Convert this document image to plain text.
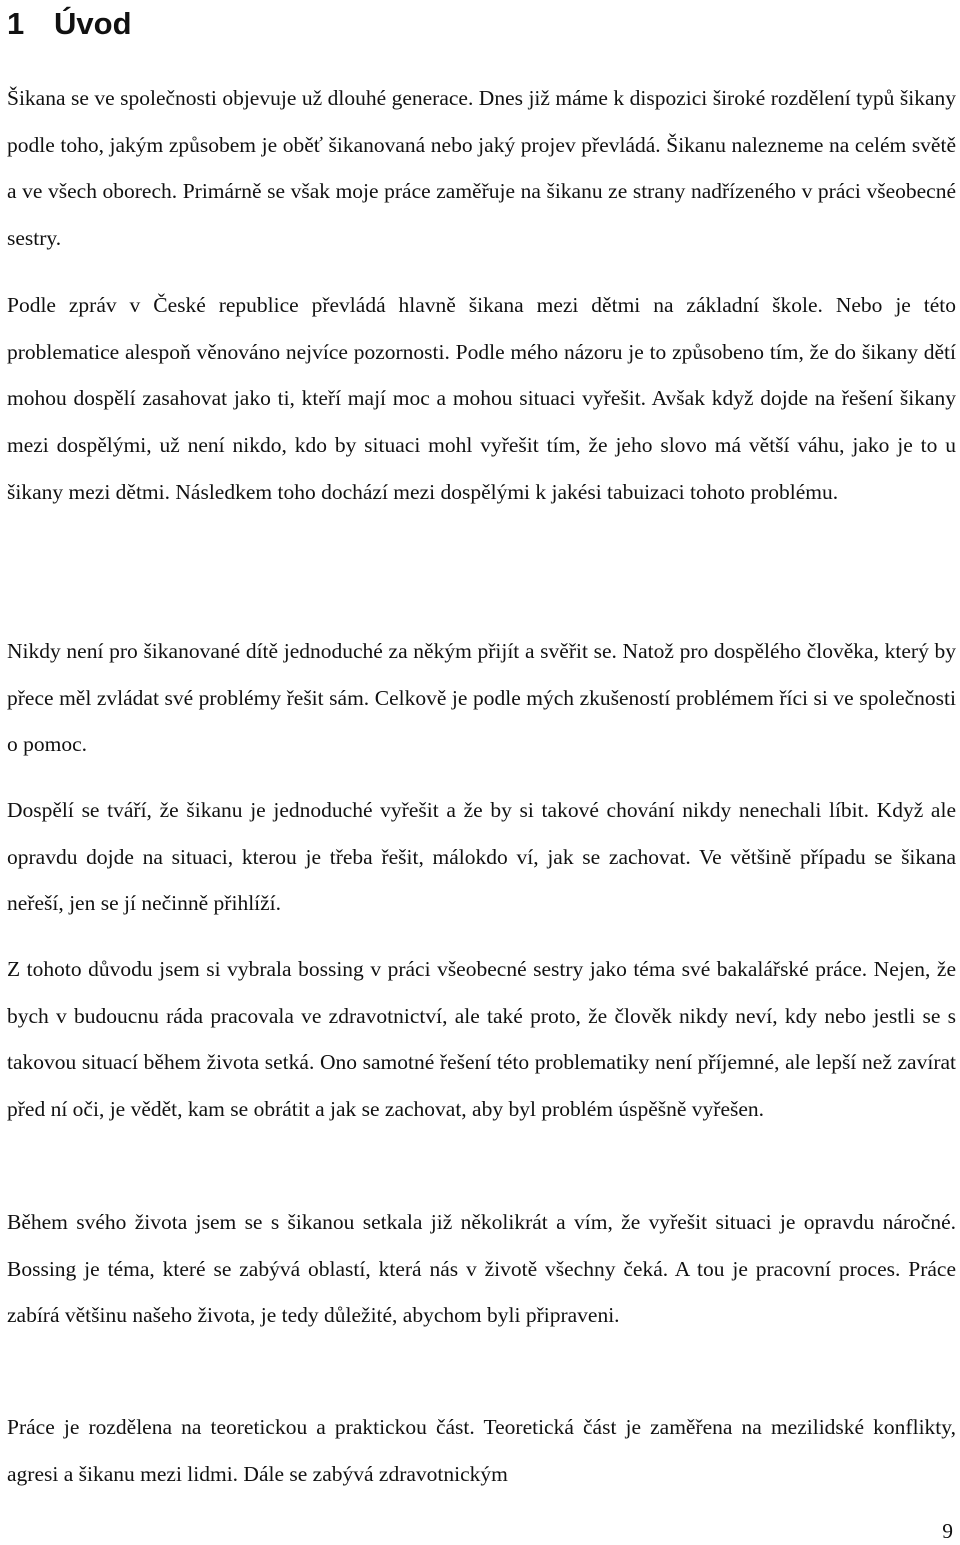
1 Úvod

Šikana se ve společnosti objevuje už dlouhé generace. Dnes již máme k dispozici široké rozdělení typů šikany podle toho, jakým způsobem je oběť šikanovaná nebo jaký projev převládá. Šikanu nalezneme na celém světě a ve všech oborech. Primárně se však moje práce zaměřuje na šikanu ze strany nadřízeného v práci všeobecné sestry.

Podle zpráv v České republice převládá hlavně šikana mezi dětmi na základní škole. Nebo je této problematice alespoň věnováno nejvíce pozornosti. Podle mého názoru je to způsobeno tím, že do šikany dětí mohou dospělí zasahovat jako ti, kteří mají moc a mohou situaci vyřešit. Avšak když dojde na řešení šikany mezi dospělými, už není nikdo, kdo by situaci mohl vyřešit tím, že jeho slovo má větší váhu, jako je to u šikany mezi dětmi. Následkem toho dochází mezi dospělými k jakési tabuizaci tohoto problému.

Nikdy není pro šikanované dítě jednoduché za někým přijít a svěřit se. Natož pro dospělého člověka, který by přece měl zvládat své problémy řešit sám. Celkově je podle mých zkušeností problémem říci si ve společnosti o pomoc.

Dospělí se tváří, že šikanu je jednoduché vyřešit a že by si takové chování nikdy nenechali líbit. Když ale opravdu dojde na situaci, kterou je třeba řešit, málokdo ví, jak se zachovat. Ve většině případu se šikana neřeší, jen se jí nečinně přihlíží.

Z tohoto důvodu jsem si vybrala bossing v práci všeobecné sestry jako téma své bakalářské práce. Nejen, že bych v budoucnu ráda pracovala ve zdravotnictví, ale také proto, že člověk nikdy neví, kdy nebo jestli se s takovou situací během života setká. Ono samotné řešení této problematiky není příjemné, ale lepší než zavírat před ní oči, je vědět, kam se obrátit a jak se zachovat, aby byl problém úspěšně vyřešen.

Během svého života jsem se s šikanou setkala již několikrát a vím, že vyřešit situaci je opravdu náročné. Bossing je téma, které se zabývá oblastí, která nás v životě všechny čeká. A tou je pracovní proces. Práce zabírá většinu našeho života, je tedy důležité, abychom byli připraveni.

Práce je rozdělena na teoretickou a praktickou část. Teoretická část je zaměřena na mezilidské konflikty, agresi a šikanu mezi lidmi. Dále se zabývá zdravotnickým

9
